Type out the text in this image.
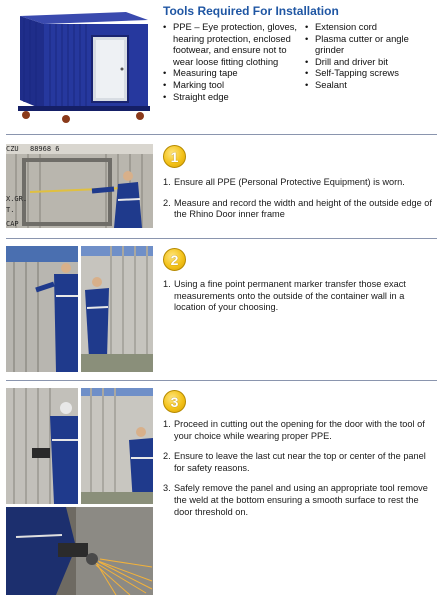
Tools Required For Installation
• PPE – Eye protection, gloves, hearing protection, enclosed footwear, and ensure not to wear loose fitting clothing
• Measuring tape
• Marking tool
• Straight edge
• Extension cord
• Plasma cutter or angle grinder
• Drill and driver bit
• Self-Tapping screws
• Sealant
CZU 88968 6
X.GR.
T.
CAP
1
1. Ensure all PPE (Personal Protective Equipment) is worn.
2. Measure and record the width and height of the outside edge of the Rhino Door inner frame
2
1. Using a fine point permanent marker transfer those exact measurements onto the outside of the container wall in a location of your choosing.
3
1. Proceed in cutting out the opening for the door with the tool of your choice while wearing proper PPE.
2. Ensure to leave the last cut near the top or center of the panel for safety reasons.
3. Safely remove the panel and using an appropriate tool remove the weld at the bottom ensuring a smooth surface to rest the door threshold on.
